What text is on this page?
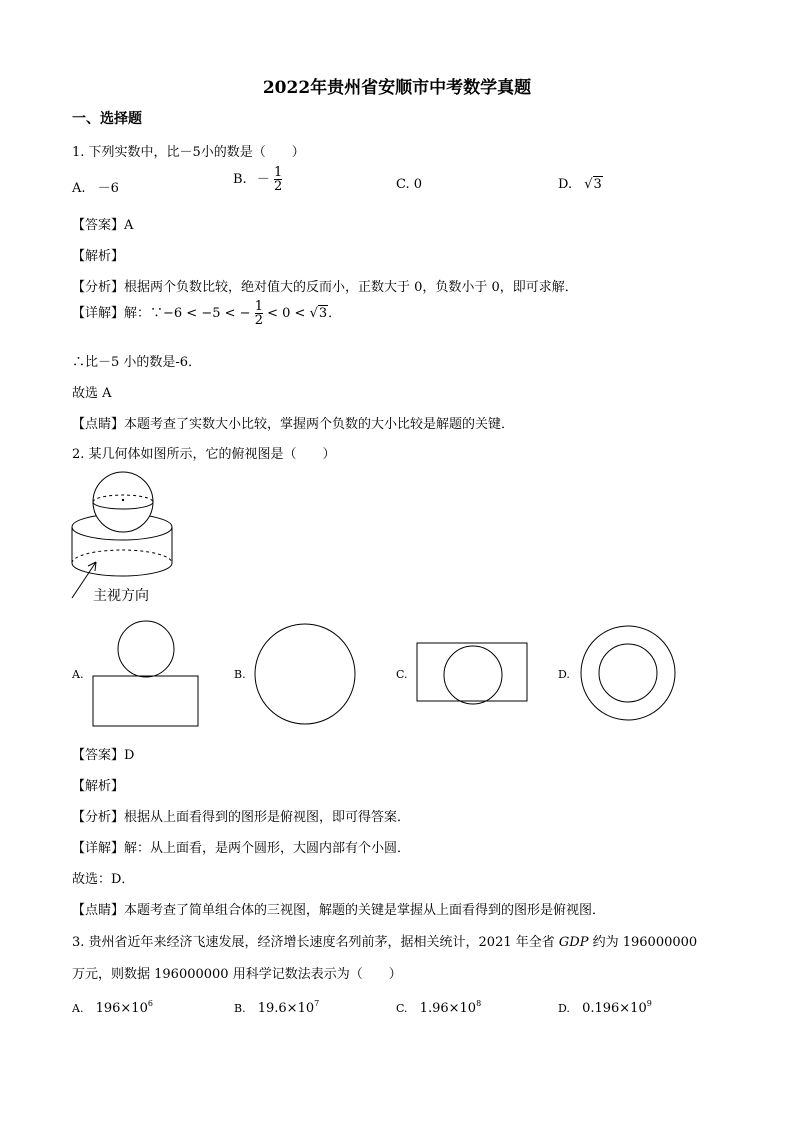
2022年贵州省安顺市中考数学真题
一、选择题
1. 下列实数中，比－5小的数是（　　）
A. －6
B. － $\frac{1}{2}$	C. 0	D. √3
【答案】A
【解析】
【分析】根据两个负数比较，绝对值大的反而小，正数大于 0，负数小于 0，即可求解．
【详解】解：∵−6 < −5 < − $\frac{1}{2} < 0 < √3$．
∴比－5 小的数是-6．
故选 A
【点睛】本题考查了实数大小比较，掌握两个负数的大小比较是解题的关键．
2. 某几何体如图所示，它的俯视图是（　　）
主视方向
A.	B.	C.	D.
【答案】D
【解析】
【分析】根据从上面看得到的图形是俯视图，即可得答案．
【详解】解：从上面看，是两个圆形，大圆内部有个小圆．
故选：D．
【点睛】本题考查了简单组合体的三视图，解题的关键是掌握从上面看得到的图形是俯视图．
3. 贵州省近年来经济飞速发展，经济增长速度名列前茅，据相关统计，2021 年全省 GDP 约为 196000000
万元，则数据 196000000 用科学记数法表示为（　　）
A. $196\times 10^6$	B. $19.6\times 10^7$	C. $1.96\times 10^8$	D. $0.196\times 10^9$
